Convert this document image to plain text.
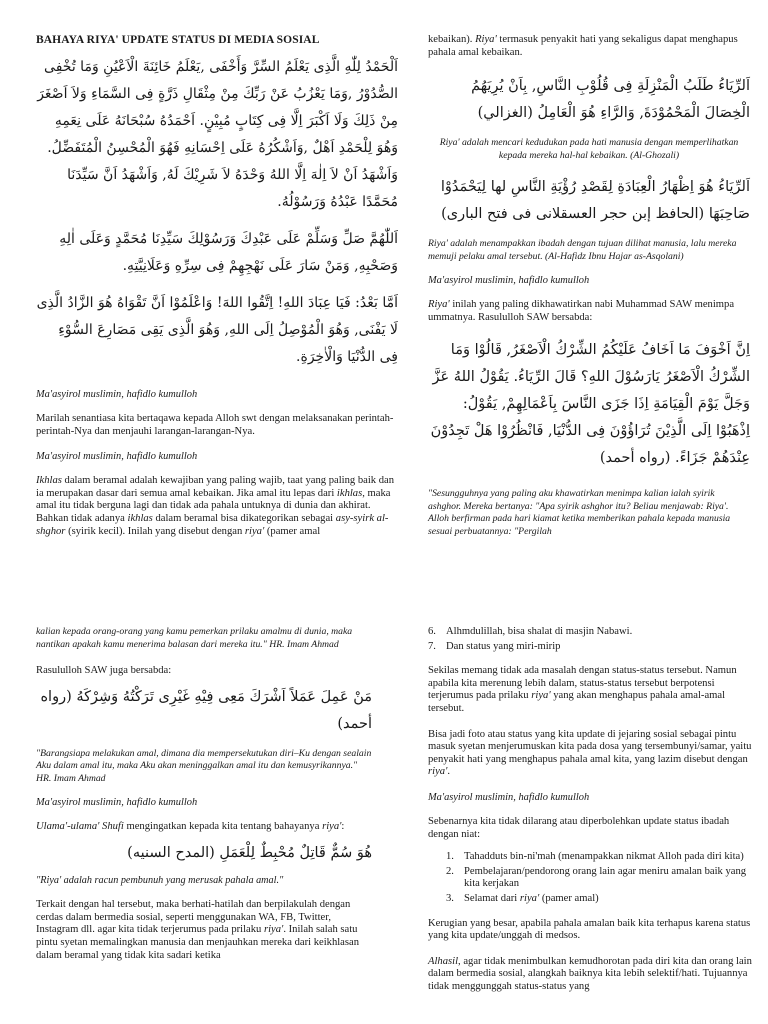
BAHAYA RIYA' UPDATE STATUS DI MEDIA SOSIAL
اَلْحَمْدُ لِلّٰهِ الَّذِى يَعْلَمُ السِّرَّ وَأَخْفَى ,يَعْلَمُ خَائِنَةَ الْاَعْيُنِ وَمَا تُخْفِى الصُّدُوْرُ ,وَمَا يَعْزُبُ عَنْ رَبِّكَ مِنْ مِثْقَالِ ذَرَّةٍ فِى السَّمَاءِ وَلاَ اَصْغَرَ مِنْ ذَلِكَ وَلَا اَكْبَرَ اِلَّا فِى كِتَابٍ مُبِيْنٍ. اَحْمَدُهُ سُبْحَانَهُ عَلَى نِعَمِهِ وَهُوَ لِلْحَمْدِ اَهْلٌ ,وَاَشْكُرُهُ عَلَى اِحْسَانِهِ فَهُوَ الْمُحْسِنُ الْمُتَفَضِّلُ. وَاَشْهَدُ اَنْ لاَ اِلٰهَ اِلَّا اللهُ وَحْدَهُ لاَ شَرِيْكَ لَهُ, وَاَشْهَدُ اَنَّ سَيِّدَنَا مُحَمَّدًا عَبْدُهُ وَرَسُوْلُهُ.
اَللّٰهُمَّ صَلِّ وَسَلِّمْ عَلَى عَبْدِكَ وَرَسُوْلِكَ سَيِّدِنَا مُحَمَّدٍ وَعَلَى اٰلِهِ وَصَحْبِهِ, وَمَنْ سَارَ عَلَى نَهْجِهِمْ فِى سِرِّهِ وَعَلَانِيَّتِهِ.
اَمَّا بَعْدُ: فَيَا عِبَادَ اللهِ! اِتَّقُوا اللهَ! وَاعْلَمُوْا اَنَّ تَقْوَاهُ هُوَ الزَّادُ الَّذِى لَا يَفْنَى, وَهُوَ الْمُوْصِلُ اِلَى اللهِ, وَهُوَ الَّذِى يَقِى مَصَارِعَ السُّوْءِ فِى الدُّنْيَا وَالْاٰخِرَةِ.
Ma'asyirol muslimin, hafidlo kumulloh

Marilah senantiasa kita bertaqawa kepada Alloh swt dengan melaksanakan perintah-perintah-Nya dan menjauhi larangan-larangan-Nya.

Ma'asyirol muslimin, hafidlo kumulloh

Ikhlas dalam beramal adalah kewajiban yang paling wajib, taat yang paling baik dan ia merupakan dasar dari semua amal kebaikan. Jika amal itu lepas dari ikhlas, maka amal itu tidak berguna lagi dan tidak ada pahala untuknya di dunia dan akhirat. Bahkan tidak adanya ikhlas dalam beramal bisa dikategorikan sebagai asy-syirk al-shghor (syirik kecil). Inilah yang disebut dengan riya' (pamer amal

kebaikan). Riya' termasuk penyakit hati yang sekaligus dapat menghapus pahala amal kebaikan.

اَلرِّيَاءُ طَلَبُ الْمَنْزِلَةِ فِى قُلُوْبِ النَّاسِ, بِاَنْ يُرِيَهُمُ الْخِصَالَ الْمَحْمُوْدَةَ, وَالرَّاءِ هُوَ الْعَامِلُ (الغزالي)
Riya' adalah mencari kedudukan pada hati manusia dengan memperlihatkan kepada mereka hal-hal kebaikan. (Al-Ghozali)
اَلرِّيَاءُ هُوَ اِظْهَارُ الْعِبَادَةِ لِقَصْدِ رُؤْيَةِ النَّاسِ لها لِيَحْمَدُوْا صَاحِبَهَا (الحافظ إبن حجر العسقلانى فى فتح البارى)
Riya' adalah menampakkan ibadah dengan tujuan dilihat manusia, lalu mereka memuji pelaku amal tersebut. (Al-Hafidz Ibnu Hajar as-Asqolani)
Ma'asyirol muslimin, hafidlo kumulloh

Riya' inilah yang paling dikhawatirkan nabi Muhammad SAW menimpa ummatnya. Rasululloh SAW bersabda:

اِنَّ اَخْوَفَ مَا اَخَافُ عَلَيْكُمُ الشِّرْكُ الْاَصْغَرُ, قَالُوْا وَمَا الشِّرْكُ الْاَصْغَرُ يَارَسُوْلَ اللهِ؟ قَالَ الرِّيَاءُ. يَقُوْلُ اللهُ عَزَّ وَجَلَّ يَوْمَ الْقِيَامَةِ اِذَا جَزَى النَّاسَ بِاَعْمَالِهِمْ, يَقُوْلُ: اِذْهَبُوْا اِلَى الَّذِيْنَ تُرَاؤُوْنَ فِى الدُّنْيَا, فَانْظُرُوْا هَلْ تَجِدُوْنَ عِنْدَهُمْ جَزَاءً. (رواه أحمد)
"Sesungguhnya yang paling aku khawatirkan menimpa kalian ialah syirik ashghor. Mereka bertanya: "Apa syirik ashghor itu? Beliau menjawab: Riya'. Alloh berfirman pada hari kiamat ketika memberikan pahala kepada manusia sesuai perbuatannya: "Pergilah
kalian kepada orang-orang yang kamu pemerkan prilaku amalmu di dunia, maka nantikan apakah kamu menerima balasan dari mereka itu." HR. Imam Ahmad

Rasululloh SAW juga bersabda:

مَنْ عَمِلَ عَمَلاً اَشْرَكَ مَعِى فِيْهِ غَيْرِى تَرَكْتُهُ وَشِرْكَهُ (رواه أحمد)
"Barangsiapa melakukan amal, dimana dia mempersekutukan diri–Ku dengan sealain Aku dalam amal itu, maka Aku akan meninggalkan amal itu dan kemusyrikannya." HR. Imam Ahmad
Ma'asyirol muslimin, hafidlo kumulloh

Ulama'-ulama' Shufi mengingatkan kepada kita tentang bahayanya riya':

هُوَ سُمٌّ قَاتِلٌ مُحْبِطٌ لِلْعَمَلِ (المدح السنيه)
"Riya' adalah racun pembunuh yang merusak pahala amal."

Terkait dengan hal tersebut, maka berhati-hatilah dan berpilakulah dengan cerdas dalam bermedia sosial, seperti menggunakan WA, FB, Twitter, Instagram dll. agar kita tidak terjerumus pada prilaku riya'. Inilah salah satu pintu syetan memalingkan manusia dan menjauhkan mereka dari keikhlasan dalam beramal yang tidak kita sadari ketika

6. Alhmdulillah, bisa shalat di masjin Nabawi.
7. Dan status yang miri-mirip

Sekilas memang tidak ada masalah dengan status-status tersebut. Namun apabila kita merenung lebih dalam, status-status tersebut berpotensi terjerumus pada prilaku riya' yang akan menghapus pahala amal-amal tersebut.

Bisa jadi foto atau status yang kita update di jejaring sosial sebagai pintu masuk syetan menjerumuskan kita pada dosa yang tersembunyi/samar, yaitu penyakit hati yang menghapus pahala amal kita, yang lazim disebut dengan riya'.

Ma'asyirol muslimin, hafidlo kumulloh

Sebenarnya kita tidak dilarang atau diperbolehkan update status ibadah dengan niat:

1. Tahadduts bin-ni'mah (menampakkan nikmat Alloh pada diri kita)
2. Pembelajaran/pendorong orang lain agar meniru amalan baik yang kita kerjakan
3. Selamat dari riya' (pamer amal)

Kerugian yang besar, apabila pahala amalan baik kita terhapus karena status yang kita update/unggah di medsos.

Alhasil, agar tidak menimbulkan kemudhorotan pada diri kita dan orang lain dalam bermedia sosial, alangkah baiknya kita lebih selektif/hati. Tujuannya tidak menggunggah status-status yang
